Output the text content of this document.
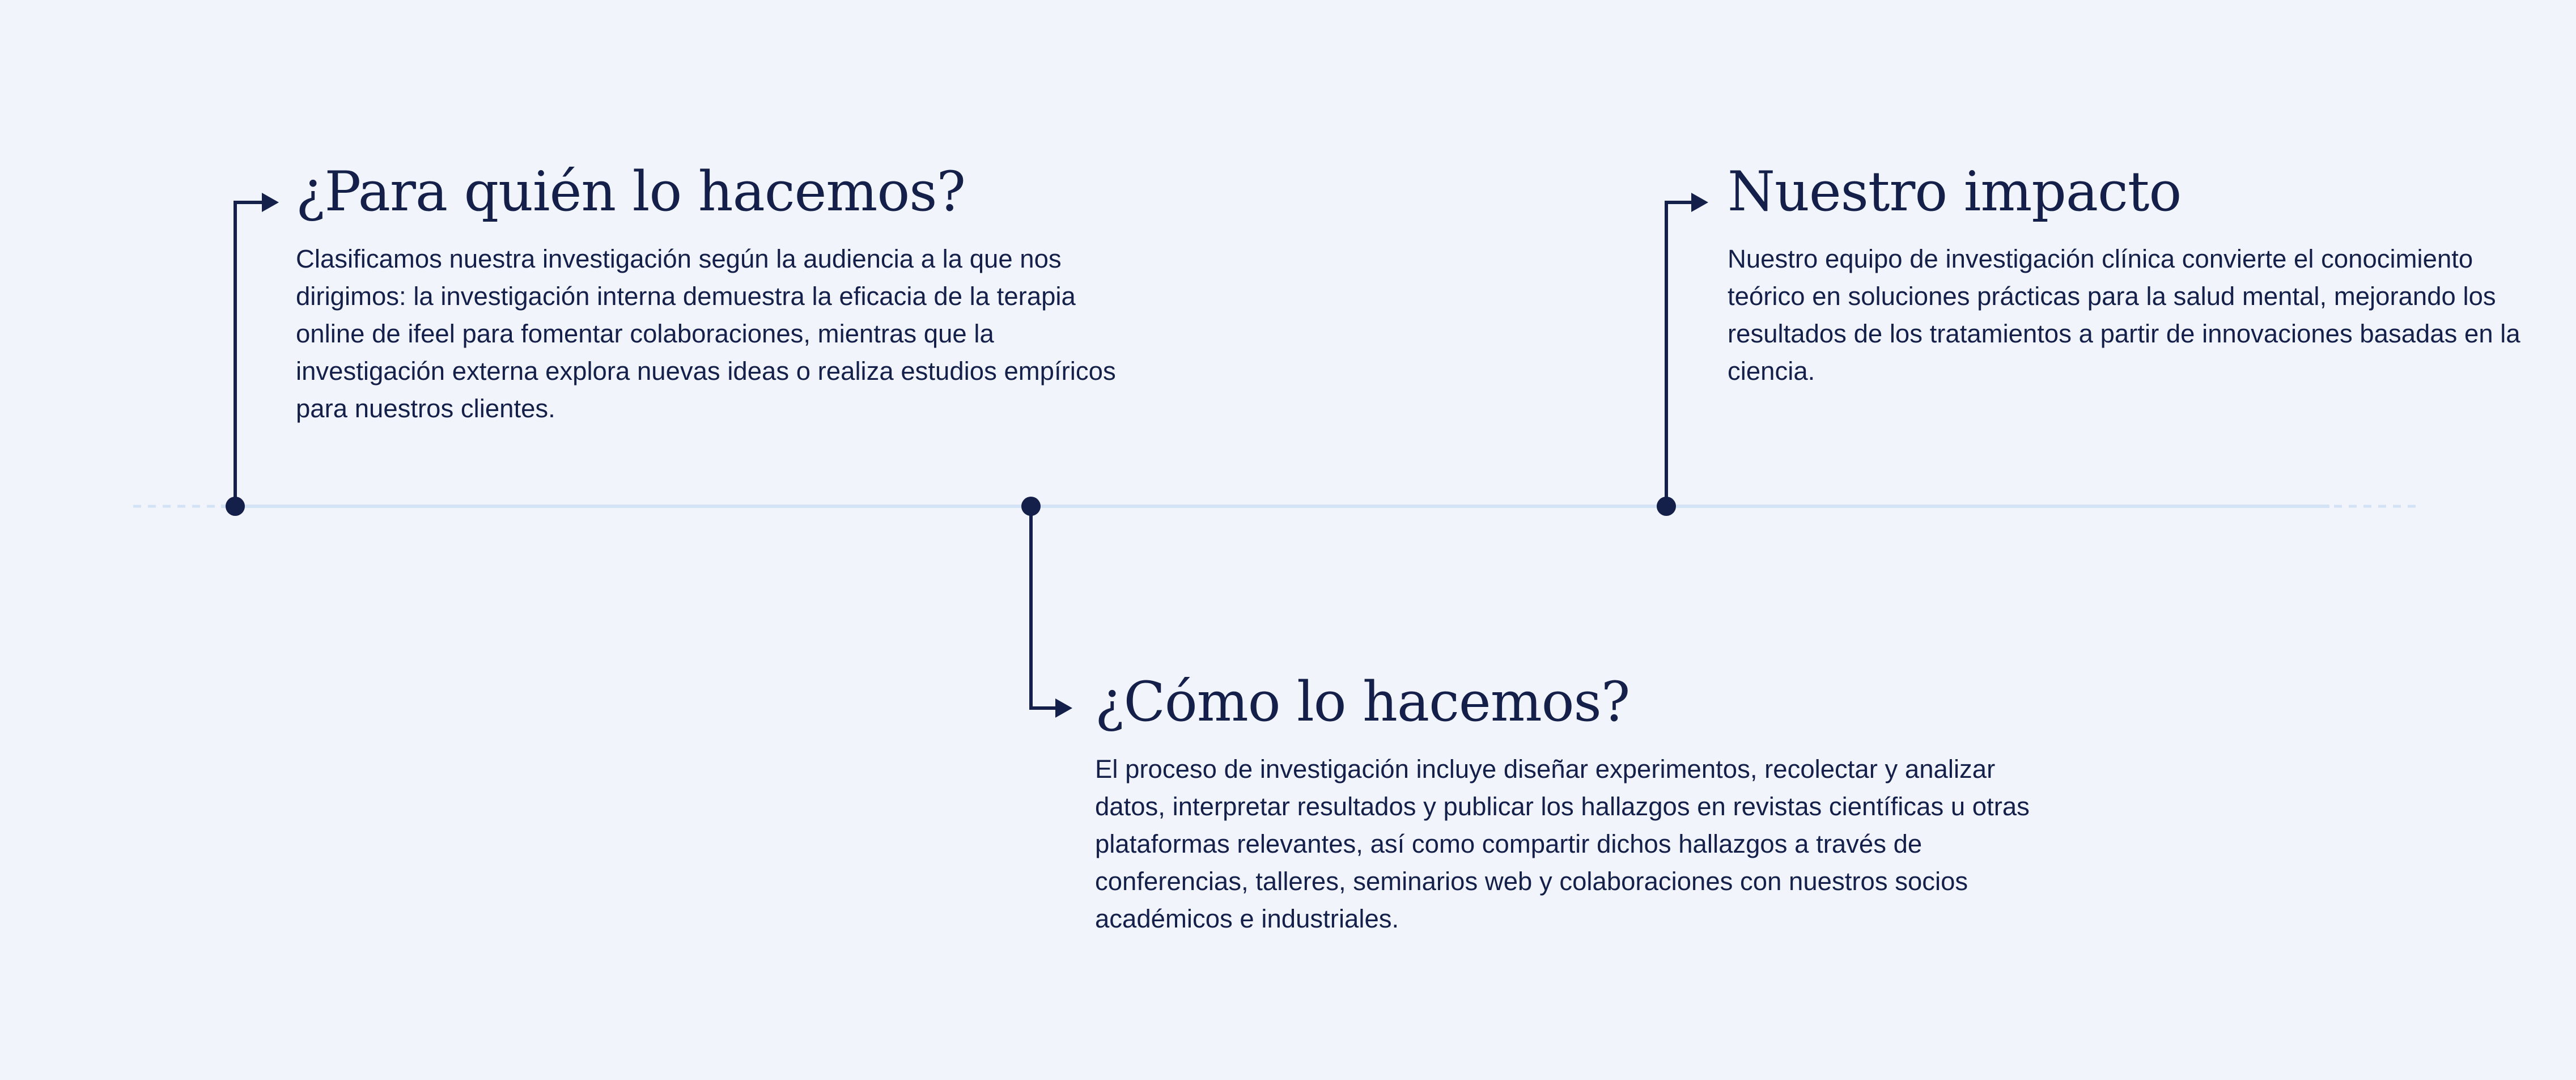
¿Para quién lo hacemos?

Clasificamos nuestra investigación según la audiencia a la que nos dirigimos: la investigación interna demuestra la eficacia de la terapia online de ifeel para fomentar colaboraciones, mientras que la investigación externa explora nuevas ideas o realiza estudios empíricos para nuestros clientes.

¿Cómo lo hacemos?

El proceso de investigación incluye diseñar experimentos, recolectar y analizar datos, interpretar resultados y publicar los hallazgos en revistas científicas u otras plataformas relevantes, así como compartir dichos hallazgos a través de conferencias, talleres, seminarios web y colaboraciones con nuestros socios académicos e industriales.

Nuestro impacto

Nuestro equipo de investigación clínica convierte el conocimiento teórico en soluciones prácticas para la salud mental, mejorando los resultados de los tratamientos a partir de innovaciones basadas en la ciencia.
